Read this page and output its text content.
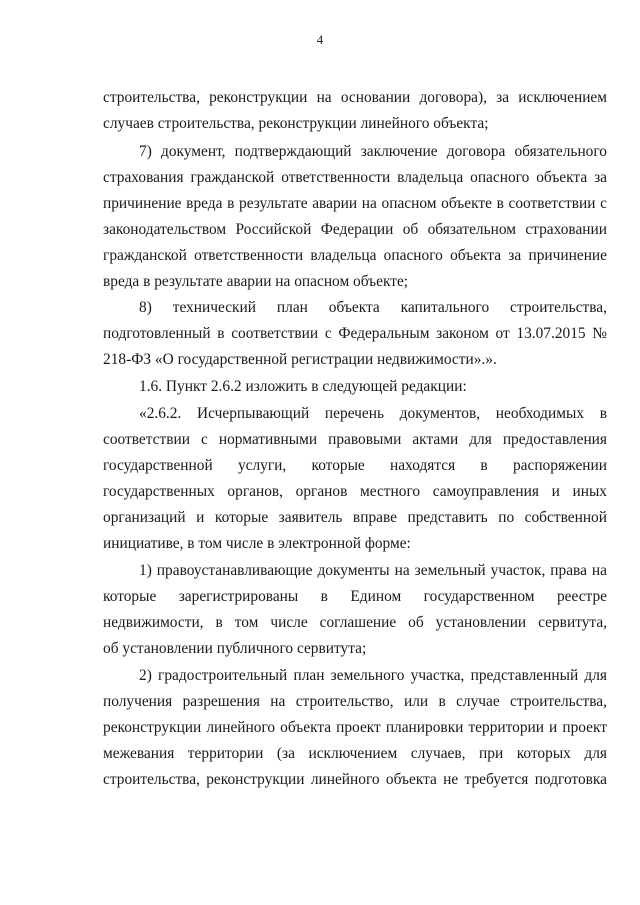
4
строительства, реконструкции на основании договора), за исключением
случаев строительства, реконструкции линейного объекта;
7) документ, подтверждающий заключение договора обязательного
страхования гражданской ответственности владельца опасного объекта за
причинение вреда в результате аварии на опасном объекте в соответствии с
законодательством Российской Федерации об обязательном страховании
гражданской ответственности владельца опасного объекта за причинение
вреда в результате аварии на опасном объекте;
8) технический план объекта капитального строительства,
подготовленный в соответствии с Федеральным законом от 13.07.2015 №
218-ФЗ «О государственной регистрации недвижимости».».
1.6. Пункт 2.6.2 изложить в следующей редакции:
«2.6.2. Исчерпывающий перечень документов, необходимых в
соответствии с нормативными правовыми актами для предоставления
государственной услуги, которые находятся в распоряжении
государственных органов, органов местного самоуправления и иных
организаций и которые заявитель вправе представить по собственной
инициативе, в том числе в электронной форме:
1) правоустанавливающие документы на земельный участок, права на
которые зарегистрированы в Едином государственном реестре
недвижимости, в том числе соглашение об установлении сервитута,
об установлении публичного сервитута;
2) градостроительный план земельного участка, представленный для
получения разрешения на строительство, или в случае строительства,
реконструкции линейного объекта проект планировки территории и проект
межевания территории (за исключением случаев, при которых для
строительства, реконструкции линейного объекта не требуется подготовка
